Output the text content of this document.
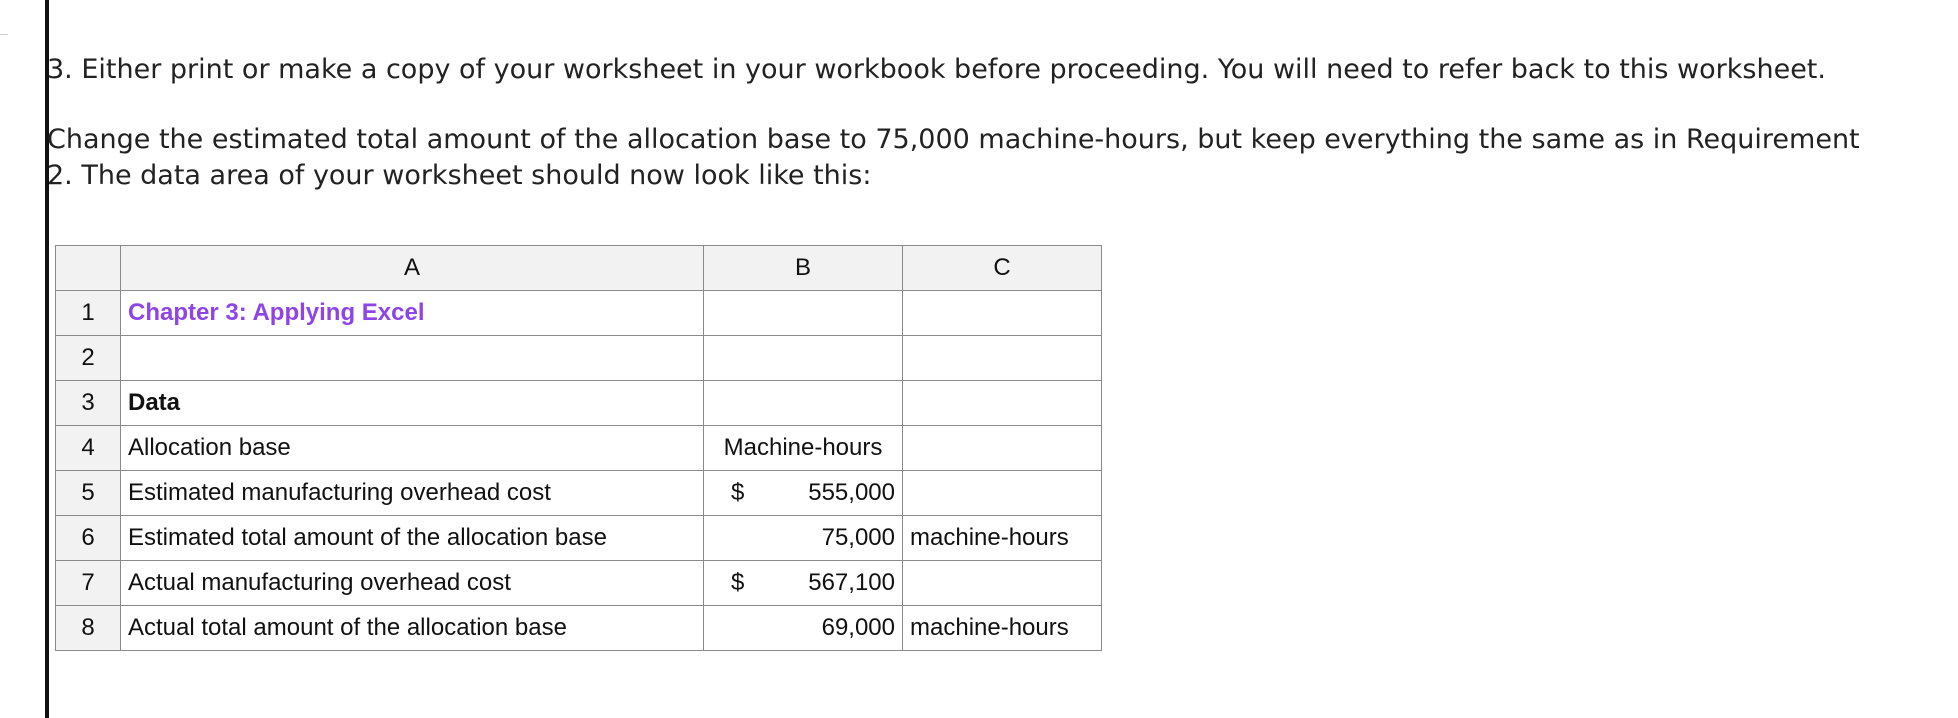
3. Either print or make a copy of your worksheet in your workbook before proceeding. You will need to refer back to this worksheet.

Change the estimated total amount of the allocation base to 75,000 machine-hours, but keep everything the same as in Requirement
2. The data area of your worksheet should now look like this:

	A	B	C
1	Chapter 3: Applying Excel		
2			
3	Data		
4	Allocation base	Machine-hours	
5	Estimated manufacturing overhead cost	$ 555,000	

6	Estimated total amount of the allocation base	75,000	machine-hours
7	Actual manufacturing overhead cost	$ 567,100	

8	Actual total amount of the allocation base	69,000	machine-hours
